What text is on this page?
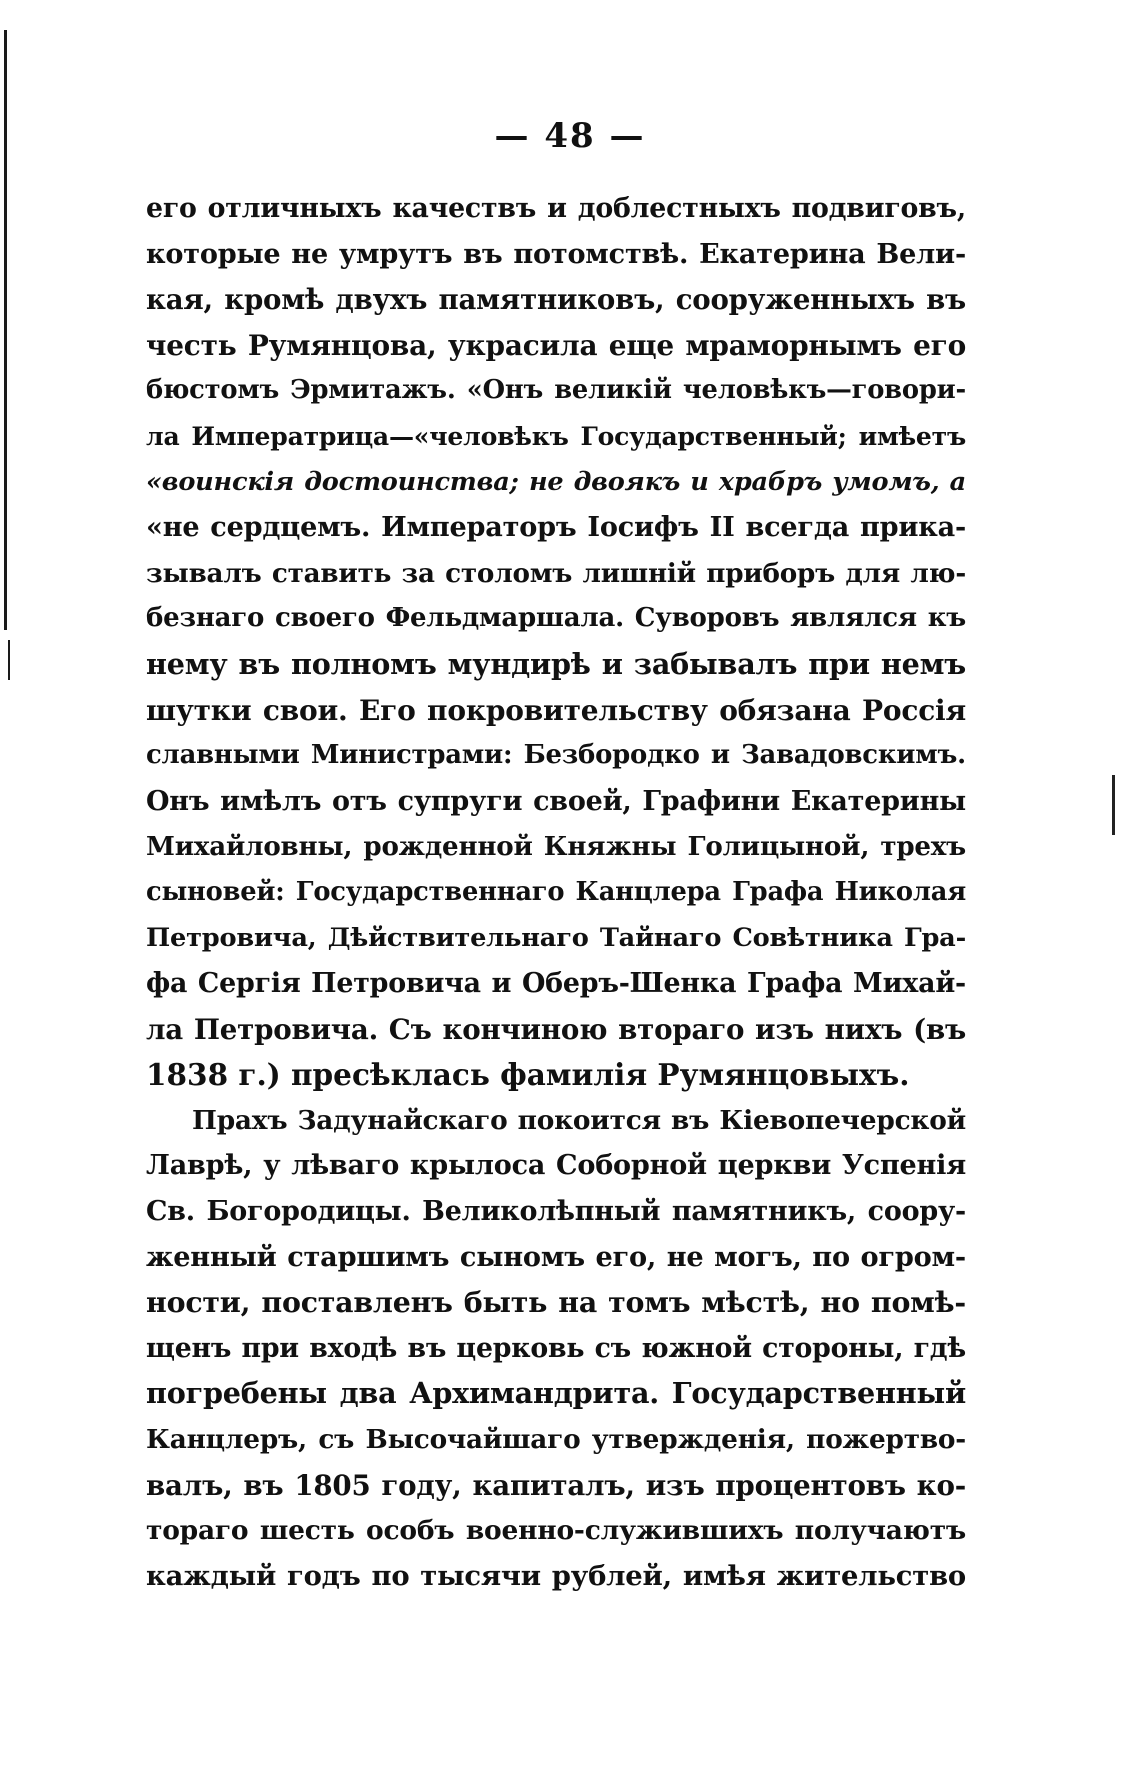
— 48 —
его отличныхъ качествъ и доблестныхъ подвиговъ,
которые не умрутъ въ потомствѣ. Екатерина Вели-
кая, кромѣ двухъ памятниковъ, сооруженныхъ въ
честь Румянцова, украсила еще мраморнымъ его
бюстомъ Эрмитажъ. «Онъ великій человѣкъ—говори-
ла Императрица—«человѣкъ Государственный; имѣетъ
«воинскія достоинства; не двоякъ и храбръ умомъ, а
«не сердцемъ. Императоръ Іосифъ II всегда прика-
зывалъ ставить за столомъ лишній приборъ для лю-
безнаго своего Фельдмаршала. Суворовъ являлся къ
нему въ полномъ мундирѣ и забывалъ при немъ
шутки свои. Его покровительству обязана Россія
славными Министрами: Безбородко и Завадовскимъ.
Онъ имѣлъ отъ супруги своей, Графини Екатерины
Михайловны, рожденной Княжны Голицыной, трехъ
сыновей: Государственнаго Канцлера Графа Николая
Петровича, Дѣйствительнаго Тайнаго Совѣтника Гра-
фа Сергія Петровича и Оберъ-Шенка Графа Михай-
ла Петровича. Съ кончиною втораго изъ нихъ (въ
1838 г.) пресѣклась фамилія Румянцовыхъ.
Прахъ Задунайскаго покоится въ Кіевопечерской
Лаврѣ, у лѣваго крылоса Соборной церкви Успенія
Св. Богородицы. Великолѣпный памятникъ, соору-
женный старшимъ сыномъ его, не могъ, по огром-
ности, поставленъ быть на томъ мѣстѣ, но помѣ-
щенъ при входѣ въ церковь съ южной стороны, гдѣ
погребены два Архимандрита. Государственный
Канцлеръ, съ Высочайшаго утвержденія, пожертво-
валъ, въ 1805 году, капиталъ, изъ процентовъ ко-
тораго шесть особъ военно-служившихъ получаютъ
каждый годъ по тысячи рублей, имѣя жительство
